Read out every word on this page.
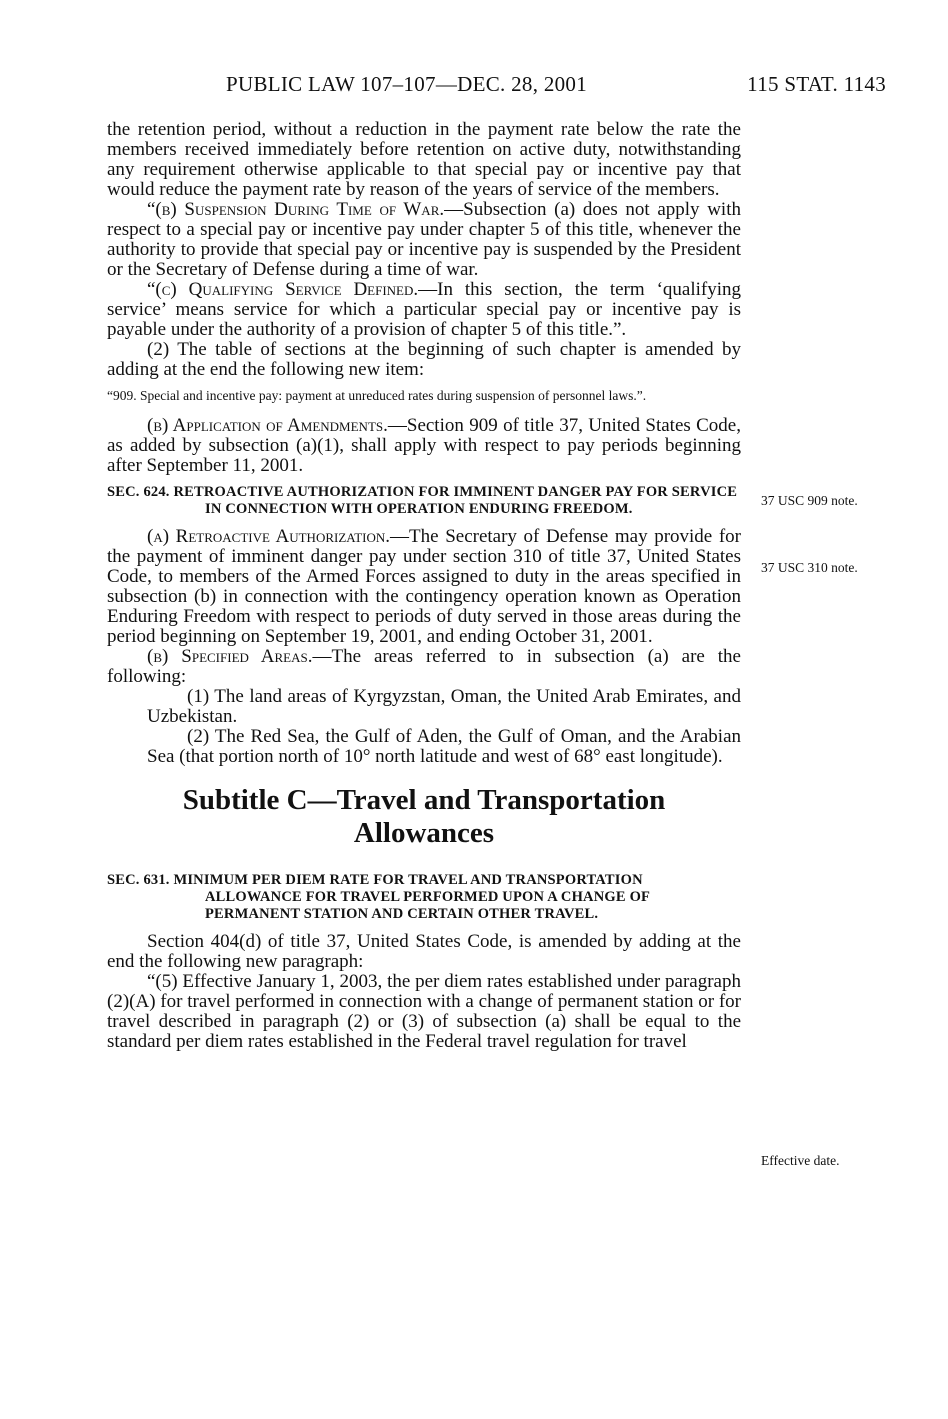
PUBLIC LAW 107–107—DEC. 28, 2001	115 STAT. 1143
37 USC 909 note.
37 USC 310 note.
Effective date.

the retention period, without a reduction in the payment rate below the rate the members received immediately before retention on active duty, notwithstanding any requirement otherwise applicable to that special pay or incentive pay that would reduce the payment rate by reason of the years of service of the members.

“(b) Suspension During Time of War.—Subsection (a) does not apply with respect to a special pay or incentive pay under chapter 5 of this title, whenever the authority to provide that special pay or incentive pay is suspended by the President or the Secretary of Defense during a time of war.

“(c) Qualifying Service Defined.—In this section, the term ‘qualifying service’ means service for which a particular special pay or incentive pay is payable under the authority of a provision of chapter 5 of this title.”.

(2) The table of sections at the beginning of such chapter is amended by adding at the end the following new item:

“909. Special and incentive pay: payment at unreduced rates during suspension of personnel laws.”.

(b) Application of Amendments.—Section 909 of title 37, United States Code, as added by subsection (a)(1), shall apply with respect to pay periods beginning after September 11, 2001.

SEC. 624. RETROACTIVE AUTHORIZATION FOR IMMINENT DANGER PAY FOR SERVICE IN CONNECTION WITH OPERATION ENDURING FREEDOM.

(a) Retroactive Authorization.—The Secretary of Defense may provide for the payment of imminent danger pay under section 310 of title 37, United States Code, to members of the Armed Forces assigned to duty in the areas specified in subsection (b) in connection with the contingency operation known as Operation Enduring Freedom with respect to periods of duty served in those areas during the period beginning on September 19, 2001, and ending October 31, 2001.

(b) Specified Areas.—The areas referred to in subsection (a) are the following:

(1) The land areas of Kyrgyzstan, Oman, the United Arab Emirates, and Uzbekistan.

(2) The Red Sea, the Gulf of Aden, the Gulf of Oman, and the Arabian Sea (that portion north of 10° north latitude and west of 68° east longitude).

Subtitle C—Travel and Transportation
Allowances

SEC. 631. MINIMUM PER DIEM RATE FOR TRAVEL AND TRANSPORTATION ALLOWANCE FOR TRAVEL PERFORMED UPON A CHANGE OF PERMANENT STATION AND CERTAIN OTHER TRAVEL.

Section 404(d) of title 37, United States Code, is amended by adding at the end the following new paragraph:

“(5) Effective January 1, 2003, the per diem rates established under paragraph (2)(A) for travel performed in connection with a change of permanent station or for travel described in paragraph (2) or (3) of subsection (a) shall be equal to the standard per diem rates established in the Federal travel regulation for travel
